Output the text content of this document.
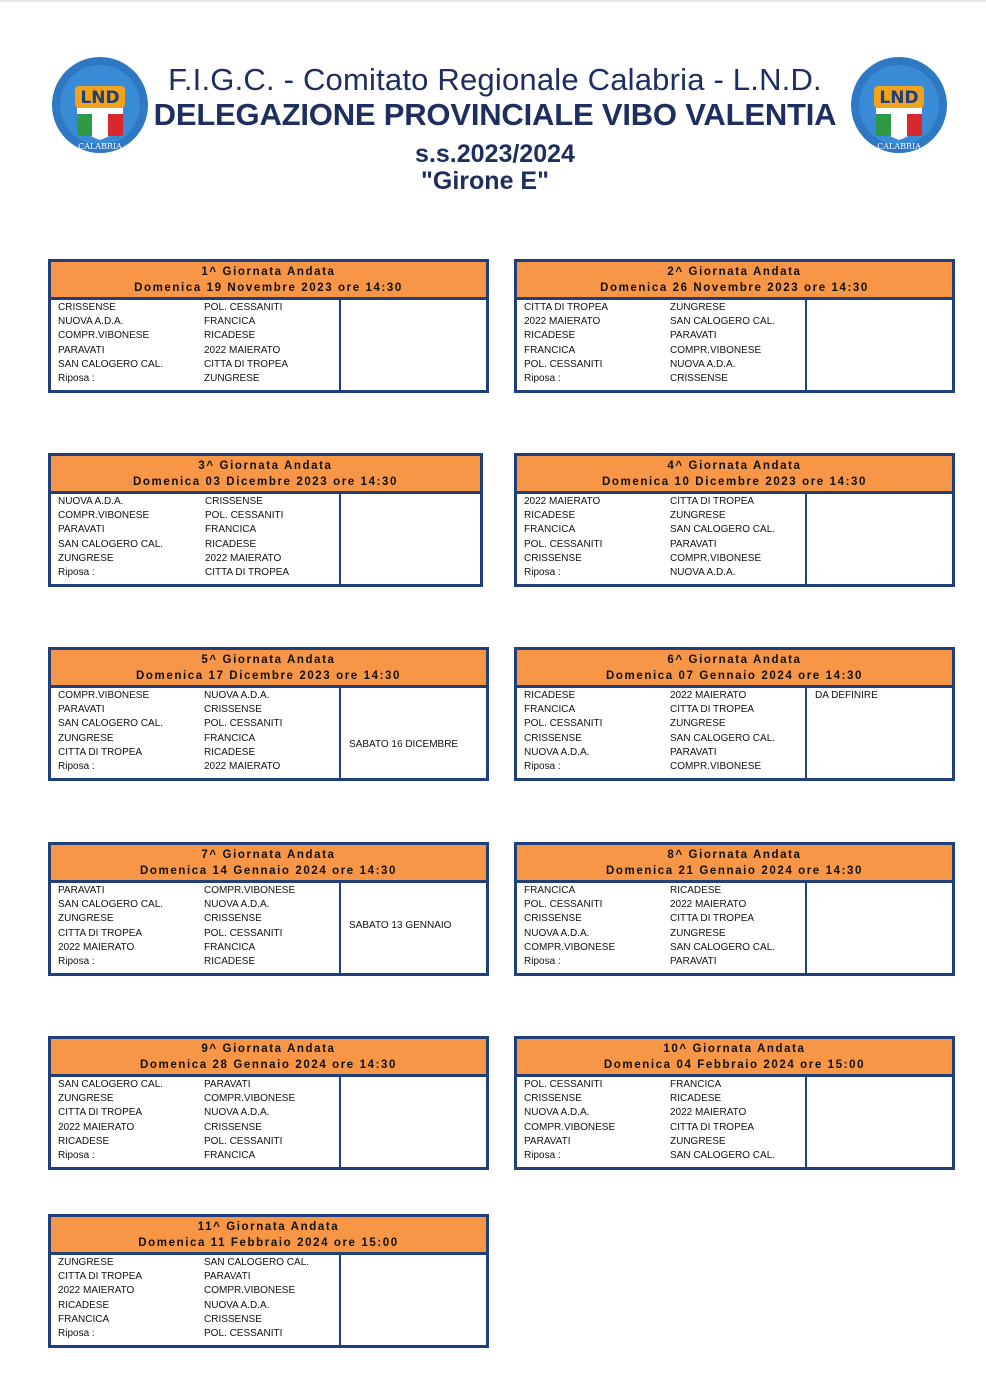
LND
CALABRIA
LND
CALABRIA
F.I.G.C. - Comitato Regionale Calabria - L.N.D.
DELEGAZIONE PROVINCIALE VIBO VALENTIA
s.s.2023/2024
"Girone E"
1^ Giornata Andata
Domenica 19 Novembre 2023 ore 14:30
CRISSENSE	POL. CESSANITI
NUOVA A.D.A.	FRANCICA
COMPR.VIBONESE	RICADESE
PARAVATI	2022 MAIERATO
SAN CALOGERO CAL.	CITTA DI TROPEA
Riposa :	ZUNGRESE
2^ Giornata Andata
Domenica 26 Novembre 2023 ore 14:30
CITTA DI TROPEA	ZUNGRESE
2022 MAIERATO	SAN CALOGERO CAL.
RICADESE	PARAVATI
FRANCICA	COMPR.VIBONESE
POL. CESSANITI	NUOVA A.D.A.
Riposa :	CRISSENSE
3^ Giornata Andata
Domenica 03 Dicembre 2023 ore 14:30
NUOVA A.D.A.	CRISSENSE
COMPR.VIBONESE	POL. CESSANITI
PARAVATI	FRANCICA
SAN CALOGERO CAL.	RICADESE
ZUNGRESE	2022 MAIERATO
Riposa :	CITTA DI TROPEA
4^ Giornata Andata
Domenica 10 Dicembre 2023 ore 14:30
2022 MAIERATO	CITTA DI TROPEA
RICADESE	ZUNGRESE
FRANCICA	SAN CALOGERO CAL.
POL. CESSANITI	PARAVATI
CRISSENSE	COMPR.VIBONESE
Riposa :	NUOVA A.D.A.
5^ Giornata Andata
Domenica 17 Dicembre 2023 ore 14:30
SABATO 16 DICEMBRE
COMPR.VIBONESE	NUOVA A.D.A.
PARAVATI	CRISSENSE
SAN CALOGERO CAL.	POL. CESSANITI
ZUNGRESE	FRANCICA
CITTA DI TROPEA	RICADESE
Riposa :	2022 MAIERATO
6^ Giornata Andata
Domenica 07 Gennaio 2024 ore 14:30
DA DEFINIRE
RICADESE	2022 MAIERATO
FRANCICA	CITTA DI TROPEA
POL. CESSANITI	ZUNGRESE
CRISSENSE	SAN CALOGERO CAL.
NUOVA A.D.A.	PARAVATI
Riposa :	COMPR.VIBONESE
7^ Giornata Andata
Domenica 14 Gennaio 2024 ore 14:30
SABATO 13 GENNAIO
PARAVATI	COMPR.VIBONESE
SAN CALOGERO CAL.	NUOVA A.D.A.
ZUNGRESE	CRISSENSE
CITTA DI TROPEA	POL. CESSANITI
2022 MAIERATO	FRANCICA
Riposa :	RICADESE
8^ Giornata Andata
Domenica 21 Gennaio 2024 ore 14:30
FRANCICA	RICADESE
POL. CESSANITI	2022 MAIERATO
CRISSENSE	CITTA DI TROPEA
NUOVA A.D.A.	ZUNGRESE
COMPR.VIBONESE	SAN CALOGERO CAL.
Riposa :	PARAVATI
9^ Giornata Andata
Domenica 28 Gennaio 2024 ore 14:30
SAN CALOGERO CAL.	PARAVATI
ZUNGRESE	COMPR.VIBONESE
CITTA DI TROPEA	NUOVA A.D.A.
2022 MAIERATO	CRISSENSE
RICADESE	POL. CESSANITI
Riposa :	FRANCICA
10^ Giornata Andata
Domenica 04 Febbraio 2024 ore 15:00
POL. CESSANITI	FRANCICA
CRISSENSE	RICADESE
NUOVA A.D.A.	2022 MAIERATO
COMPR.VIBONESE	CITTA DI TROPEA
PARAVATI	ZUNGRESE
Riposa :	SAN CALOGERO CAL.
11^ Giornata Andata
Domenica 11 Febbraio 2024 ore 15:00
ZUNGRESE	SAN CALOGERO CAL.
CITTA DI TROPEA	PARAVATI
2022 MAIERATO	COMPR.VIBONESE
RICADESE	NUOVA A.D.A.
FRANCICA	CRISSENSE
Riposa :	POL. CESSANITI
